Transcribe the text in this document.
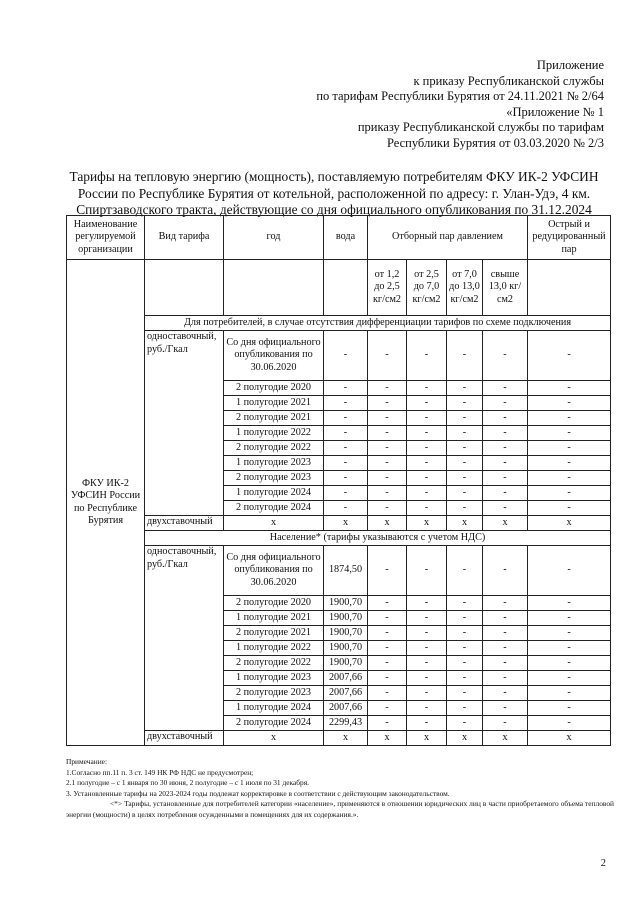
Приложение
к приказу Республиканской службы
по тарифам Республики Бурятия от 24.11.2021 № 2/64
«Приложение № 1
приказу Республиканской службы по тарифам
Республики Бурятия от 03.03.2020 № 2/3
Тарифы на тепловую энергию (мощность), поставляемую потребителям ФКУ ИК-2 УФСИН
России по Республике Бурятия от котельной, расположенной по адресу: г. Улан-Удэ, 4 км.
Спиртзаводского тракта, действующие со дня официального опубликования по 31.12.2024
Наименование регулируемой организации	Вид тарифа	год	вода	Отборный пар давлением				Острый и редуцированный пар
ФКУ ИК-2 УФСИН России по Республике Бурятия				от 1,2 до 2,5 кг/см2	от 2,5 до 7,0 кг/см2	от 7,0 до 13,0 кг/см2	свыше 13,0 кг/см2	
	Для потребителей, в случае отсутствия дифференциации тарифов по схеме подключения							
	одноставочный, руб./Гкал	Со дня официального опубликования по 30.06.2020	-	-	-	-	-	-
		2 полугодие 2020	-	-	-	-	-	-
		1 полугодие 2021	-	-	-	-	-	-
		2 полугодие 2021	-	-	-	-	-	-
		1 полугодие 2022	-	-	-	-	-	-
		2 полугодие 2022	-	-	-	-	-	-
		1 полугодие 2023	-	-	-	-	-	-
		2 полугодие 2023	-	-	-	-	-	-
		1 полугодие 2024	-	-	-	-	-	-
		2 полугодие 2024	-	-	-	-	-	-
	двухставочный	х	х	х	х	х	х	х
	Население* (тарифы указываются с учетом НДС)							
	одноставочный, руб./Гкал	Со дня официального опубликования по 30.06.2020	1874,50	-	-	-	-	-
		2 полугодие 2020	1900,70	-	-	-	-	-
		1 полугодие 2021	1900,70	-	-	-	-	-
		2 полугодие 2021	1900,70	-	-	-	-	-
		1 полугодие 2022	1900,70	-	-	-	-	-
		2 полугодие 2022	1900,70	-	-	-	-	-
		1 полугодие 2023	2007,66	-	-	-	-	-
		2 полугодие 2023	2007,66	-	-	-	-	-
		1 полугодие 2024	2007,66	-	-	-	-	-
		2 полугодие 2024	2299,43	-	-	-	-	-
	двухставочный	х	х	х	х	х	х	х
Примечание:
1.Согласно пп.11 п. 3 ст. 149 НК РФ НДС не предусмотрен;
2.1 полугодие – с 1 января по 30 июня, 2 полугодие – с 1 июля по 31 декабря.
3. Установленные тарифы на 2023-2024 годы подлежат корректировке в соответствии с действующим законодательством.
<*> Тарифы, установленные для потребителей категории «население», применяются в отношении юридических лиц в части приобретаемого объема тепловой энергии (мощности) в целях потребления осужденными в помещениях для их содержания.».
2
